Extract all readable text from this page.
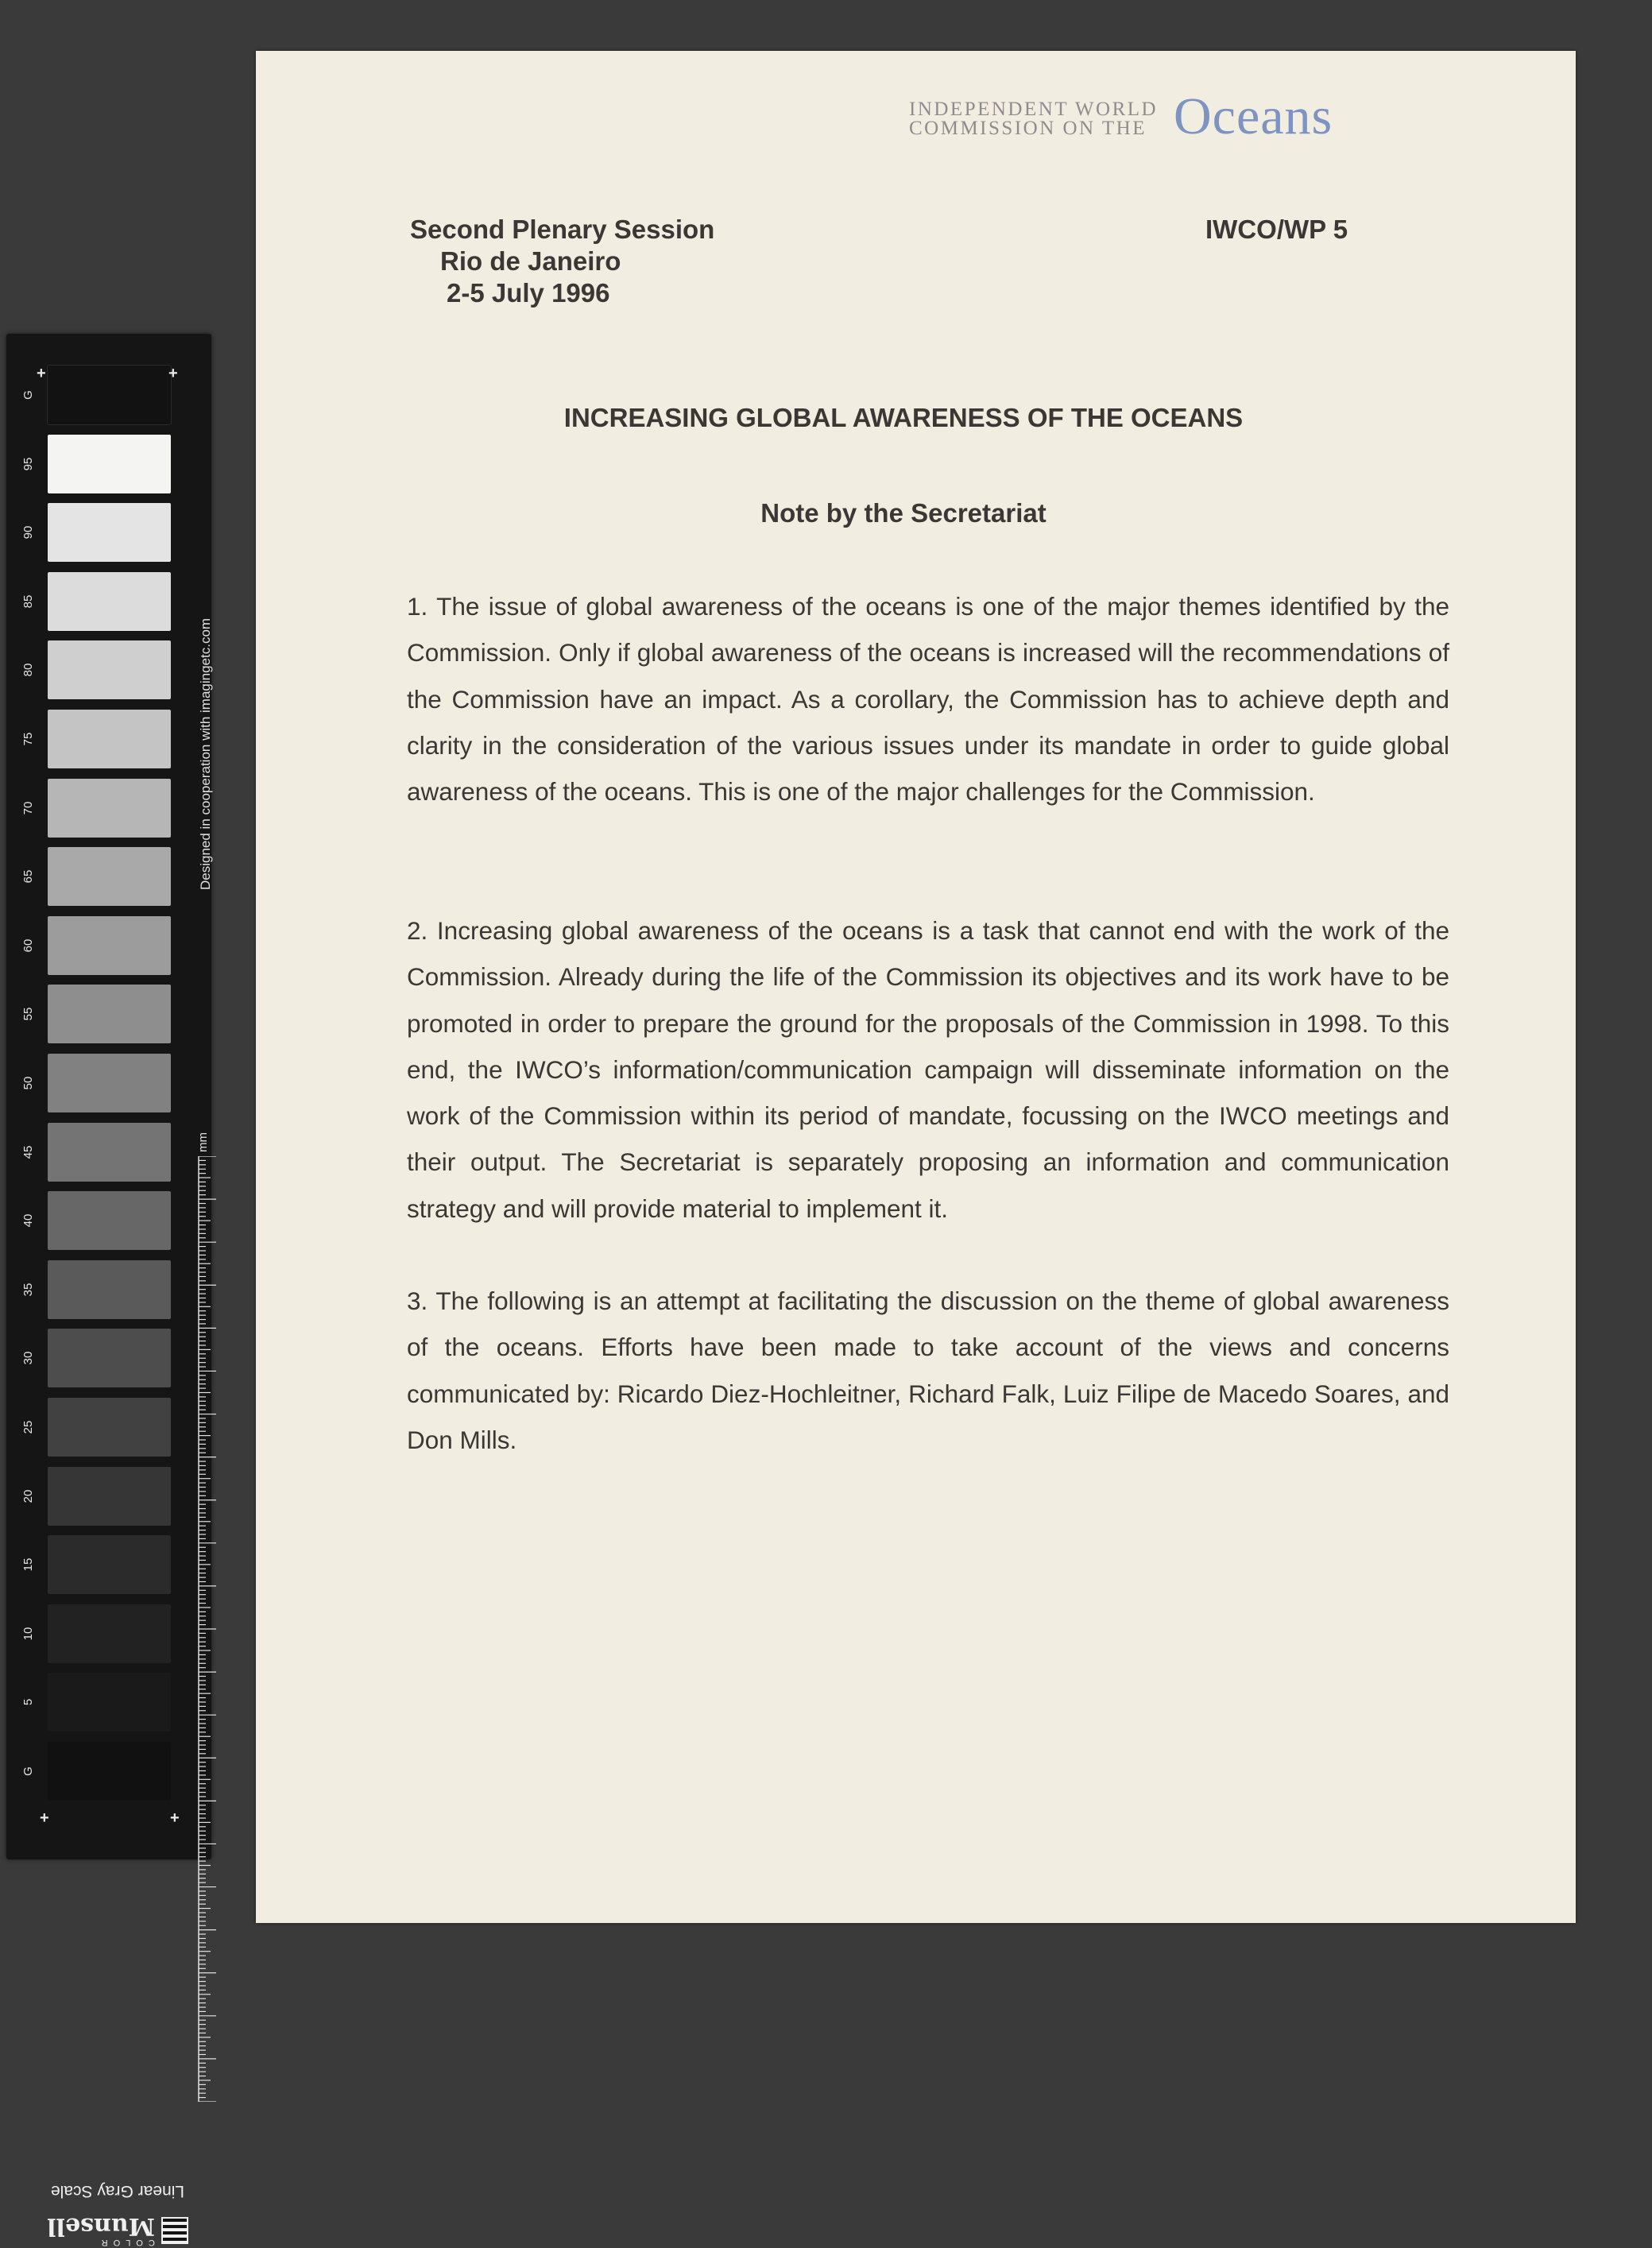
G
95
90
85
80
75
70
65
60
55
50
45
40
35
30
25
20
15
10
5
G
+	+
+	+
Designed in cooperation with imagingetc.com
mm
Linear Gray Scale
COLOR
Munsell
INDEPENDENT WORLD
COMMISSION ON THE Oceans
Second Plenary Session
Rio de Janeiro
2-5 July 1996
IWCO/WP 5
INCREASING GLOBAL AWARENESS OF THE OCEANS
Note by the Secretariat

1. The issue of global awareness of the oceans is one of the major themes identified by the Commission. Only if global awareness of the oceans is increased will the recommendations of the Commission have an impact. As a corollary, the Commission has to achieve depth and clarity in the consideration of the various issues under its mandate in order to guide global awareness of the oceans. This is one of the major challenges for the Commission.

2. Increasing global awareness of the oceans is a task that cannot end with the work of the Commission. Already during the life of the Commission its objectives and its work have to be promoted in order to prepare the ground for the proposals of the Commission in 1998. To this end, the IWCO’s information/communication campaign will disseminate information on the work of the Commission within its period of mandate, focussing on the IWCO meetings and their output. The Secretariat is separately proposing an information and communication strategy and will provide material to implement it.

3. The following is an attempt at facilitating the discussion on the theme of global awareness of the oceans. Efforts have been made to take account of the views and concerns communicated by: Ricardo Diez-Hochleitner, Richard Falk, Luiz Filipe de Macedo Soares, and Don Mills.
